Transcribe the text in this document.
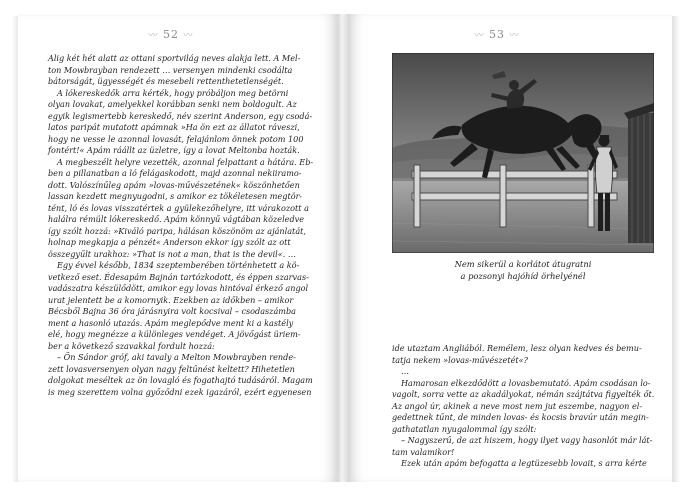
〰 52 〰	〰 53 〰

Alig két hét alatt az ottani sportvilág neves alakja lett. A Mel-

ton Mowbrayban rendezett … versenyen mindenki csodálta

bátorságát, ügyességét és mesebeli rettenthetetlenségét.

A lókereskedők arra kérték, hogy próbáljon meg betörni

olyan lovakat, amelyekkel korábban senki nem boldogult. Az

egyik legismertebb kereskedő, név szerint Anderson, egy csodá-

latos paripát mutatott apámnak »Ha ön ezt az állatot ráveszi,

hogy ne vesse le azonnal lovasát, felajánlom önnek potom 100

fontért!« Apám ráállt az üzletre, így a lovat Meltonba hozták.

A megbeszélt helyre vezették, azonnal felpattant a hátára. Eb-

ben a pillanatban a ló felágaskodott, majd azonnal nekiiramo-

dott. Valószínűleg apám »lovas-művészetének« köszönhetően

lassan kezdett megnyugodni, s amikor ez tökéletesen megtör-

tént, ló és lovas visszatértek a gyülekezőhelyre, itt várakozott a

halálra rémült lókereskedő. Apám könnyű vágtában közeledve

így szólt hozzá: »Kiváló paripa, hálásan köszönöm az ajánlatát,

holnap megkapja a pénzét« Anderson ekkor így szólt az ott

összegyűlt urakhoz: »That is not a man, that is the devil«. …

Egy évvel később, 1834 szeptemberében történhetett a kö-

vetkező eset. Édesapám Bajnán tartózkodott, és éppen szarvas-

vadászatra készülődött, amikor egy lovas hintóval érkező angol

urat jelentett be a komornyik. Ezekben az időkben – amikor

Bécsből Bajna 36 óra járásnyira volt kocsival – csodaszámba

ment a hasonló utazás. Apám meglepődve ment ki a kastély

elé, hogy megnézze a különleges vendéget. A jövőgást üriem-

ber a következő szavakkal fordult hozzá:

– Ön Sándor gróf, aki tavaly a Melton Mowbrayben rende-

zett lovasversenyen olyan nagy feltűnést keltett? Hihetetlen

dolgokat meséltek az ön lovagló és fogathajtó tudásáról. Magam

is meg szerettem volna győződni ezek igazáról, ezért egyenesen

Nem sikerül a korlátot átugratni
a pozsonyi hajóhíd örhelyénél

ide utaztam Angliából. Remélem, lesz olyan kedves és bemu-

tatja nekem »lovas-művészetét«?

…

Hamarosan elkezdődött a lovasbemutató. Apám csodásan lo-

vagolt, sorra vette az akadályokat, némán szájtátva figyelték őt.

Az angol úr, akinek a neve most nem jut eszembe, nagyon el-

gedettnek tűnt, de minden lovas- és kocsis bravúr után megin-

gathatatlan nyugalommal így szólt:

– Nagyszerű, de azt hiszem, hogy ilyet vagy hasonlót már lát-

tam valamikor!

Ezek után apám befogatta a legtüzesebb lovait, s arra kérte
